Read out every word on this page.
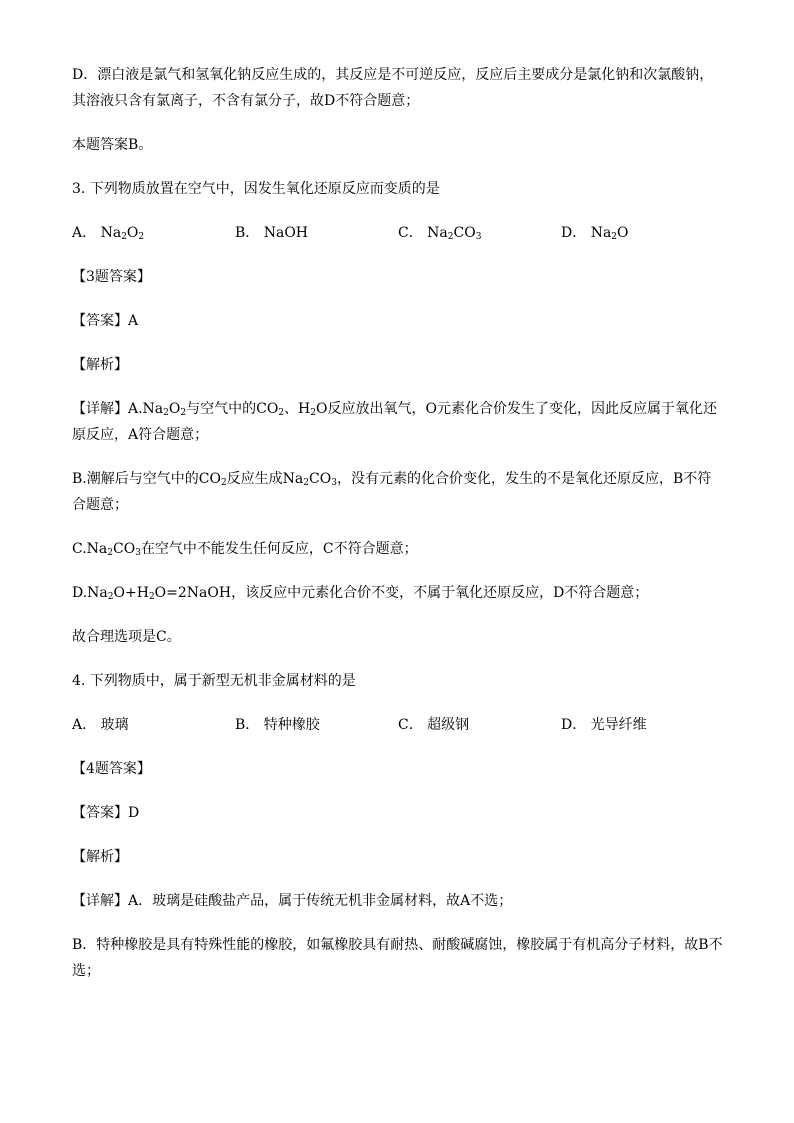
D．漂白液是氯气和氢氧化钠反应生成的，其反应是不可逆反应，反应后主要成分是氯化钠和次氯酸钠，其溶液只含有氯离子，不含有氯分子，故D不符合题意；

本题答案B。

3. 下列物质放置在空气中，因发生氧化还原反应而变质的是

A． $Na_2O_2$	B． NaOH	C． $Na_2CO_3$	D． $Na_2O$

【3题答案】

【答案】A

【解析】

【详解】$A.Na_2O_2$与空气中的$CO_2$、$H_2O$反应放出氧气，O元素化合价发生了变化，因此反应属于氧化还原反应，A符合题意；

B.潮解后与空气中的$CO_2$反应生成$Na_2CO_3$，没有元素的化合价变化，发生的不是氧化还原反应，B不符合题意；

$C.Na_2CO_3$在空气中不能发生任何反应，C不符合题意；

$D.Na_2O+H_2O=2NaOH$，该反应中元素化合价不变，不属于氧化还原反应，D不符合题意；

故合理选项是C。

4. 下列物质中，属于新型无机非金属材料的是

A． 玻璃	B． 特种橡胶	C． 超级钢	D． 光导纤维

【4题答案】

【答案】D

【解析】

【详解】A．玻璃是硅酸盐产品，属于传统无机非金属材料，故A不选；

B．特种橡胶是具有特殊性能的橡胶，如氟橡胶具有耐热、耐酸碱腐蚀，橡胶属于有机高分子材料，故B不选；
